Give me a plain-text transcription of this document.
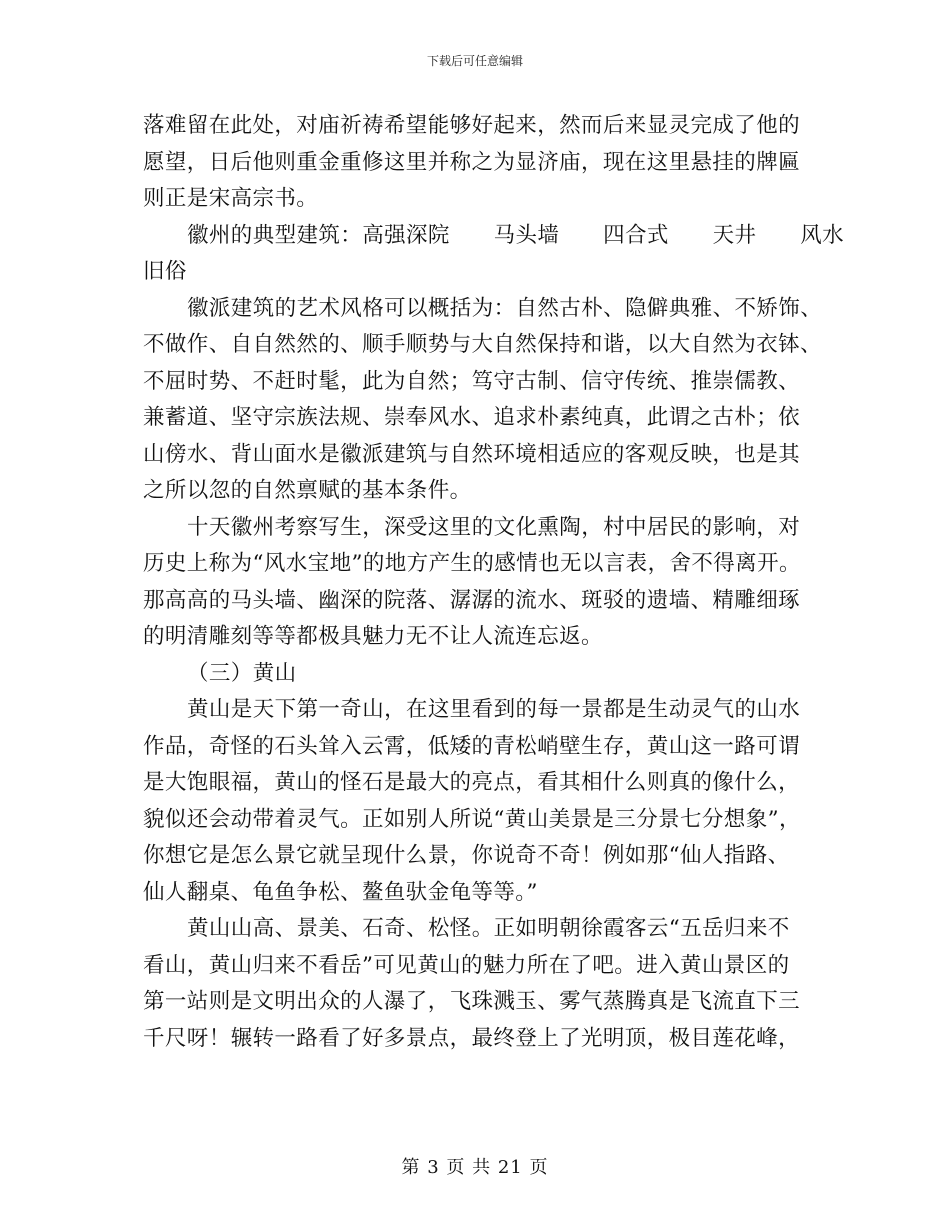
下载后可任意编辑
落难留在此处，对庙祈祷希望能够好起来，然而后来显灵完成了他的
愿望，日后他则重金重修这里并称之为显济庙，现在这里悬挂的牌匾
则正是宋高宗书。
徽州的典型建筑：高强深院　　马头墙　　四合式　　天井　　风水
旧俗
徽派建筑的艺术风格可以概括为：自然古朴、隐僻典雅、不矫饰、
不做作、自自然然的、顺手顺势与大自然保持和谐，以大自然为衣钵、
不屈时势、不赶时髦，此为自然；笃守古制、信守传统、推崇儒教、
兼蓄道、坚守宗族法规、崇奉风水、追求朴素纯真，此谓之古朴；依
山傍水、背山面水是徽派建筑与自然环境相适应的客观反映，也是其
之所以忽的自然禀赋的基本条件。
十天徽州考察写生，深受这里的文化熏陶，村中居民的影响，对
历史上称为“风水宝地”的地方产生的感情也无以言表，舍不得离开。
那高高的马头墙、幽深的院落、潺潺的流水、斑驳的遗墙、精雕细琢
的明清雕刻等等都极具魅力无不让人流连忘返。
（三）黄山
黄山是天下第一奇山，在这里看到的每一景都是生动灵气的山水
作品，奇怪的石头耸入云霄，低矮的青松峭壁生存，黄山这一路可谓
是大饱眼福，黄山的怪石是最大的亮点，看其相什么则真的像什么，
貌似还会动带着灵气。正如别人所说“黄山美景是三分景七分想象”，
你想它是怎么景它就呈现什么景，你说奇不奇！例如那“仙人指路、
仙人翻桌、龟鱼争松、鳌鱼驮金龟等等。”
黄山山高、景美、石奇、松怪。正如明朝徐霞客云“五岳归来不
看山，黄山归来不看岳”可见黄山的魅力所在了吧。进入黄山景区的
第一站则是文明出众的人瀑了，飞珠溅玉、雾气蒸腾真是飞流直下三
千尺呀！辗转一路看了好多景点，最终登上了光明顶，极目莲花峰，
第 3 页 共 21 页
